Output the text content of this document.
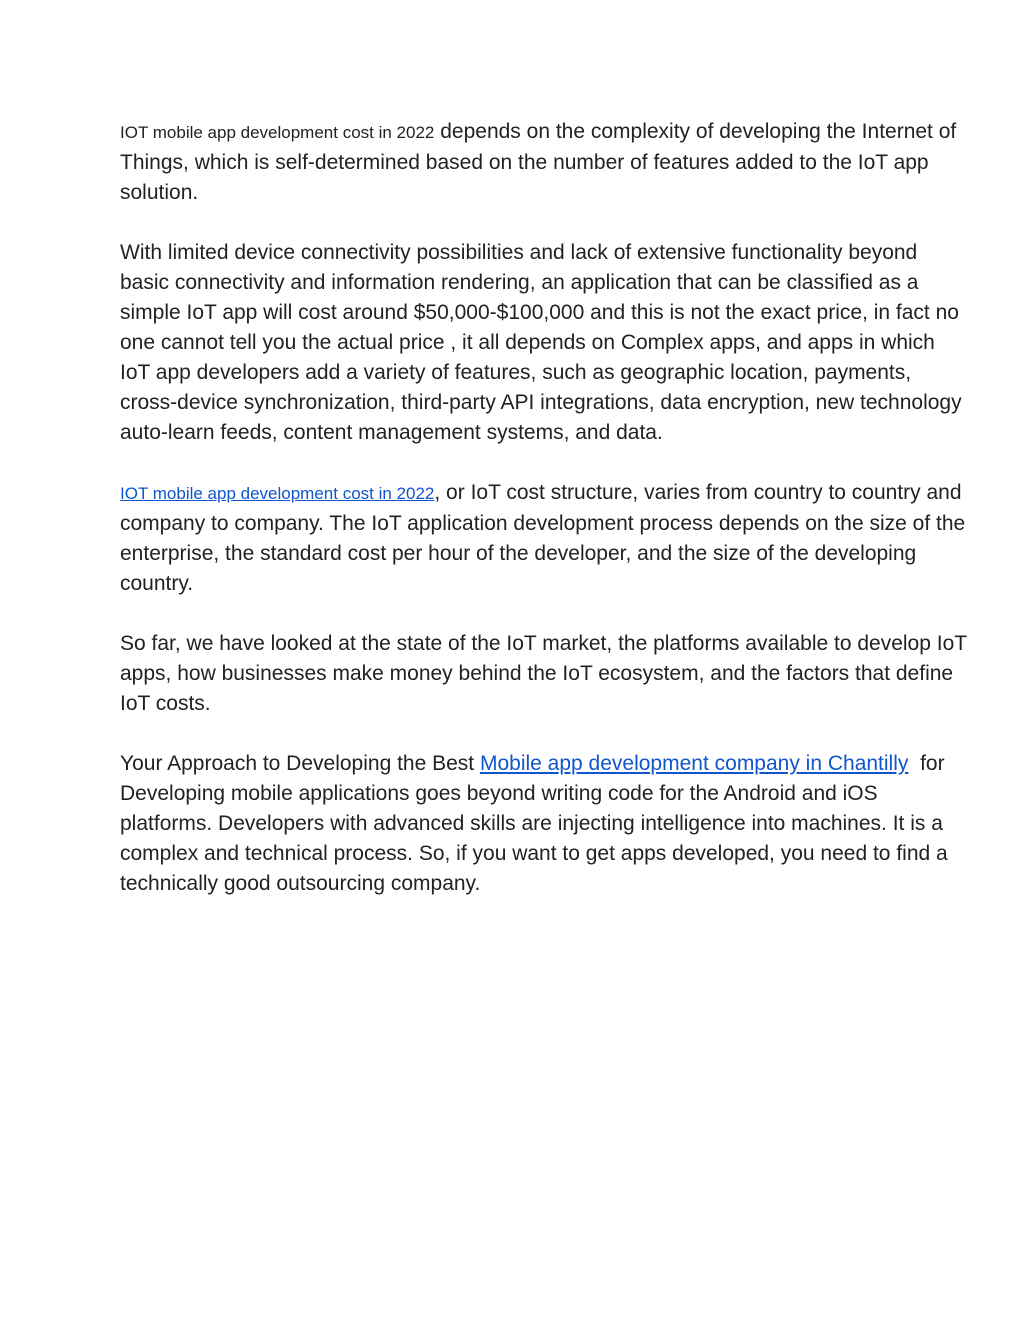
IOT mobile app development cost in 2022 depends on the complexity of developing the Internet of Things, which is self-determined based on the number of features added to the IoT app solution.

With limited device connectivity possibilities and lack of extensive functionality beyond basic connectivity and information rendering, an application that can be classified as a simple IoT app will cost around $50,000-$100,000 and this is not the exact price, in fact no one cannot tell you the actual price , it all depends on Complex apps, and apps in which IoT app developers add a variety of features, such as geographic location, payments, cross-device synchronization, third-party API integrations, data encryption, new technology auto-learn feeds, content management systems, and data.

IOT mobile app development cost in 2022, or IoT cost structure, varies from country to country and company to company. The IoT application development process depends on the size of the enterprise, the standard cost per hour of the developer, and the size of the developing country.

So far, we have looked at the state of the IoT market, the platforms available to develop IoT apps, how businesses make money behind the IoT ecosystem, and the factors that define IoT costs.

Your Approach to Developing the Best Mobile app development company in Chantilly  for Developing mobile applications goes beyond writing code for the Android and iOS platforms. Developers with advanced skills are injecting intelligence into machines. It is a complex and technical process. So, if you want to get apps developed, you need to find a technically good outsourcing company.
